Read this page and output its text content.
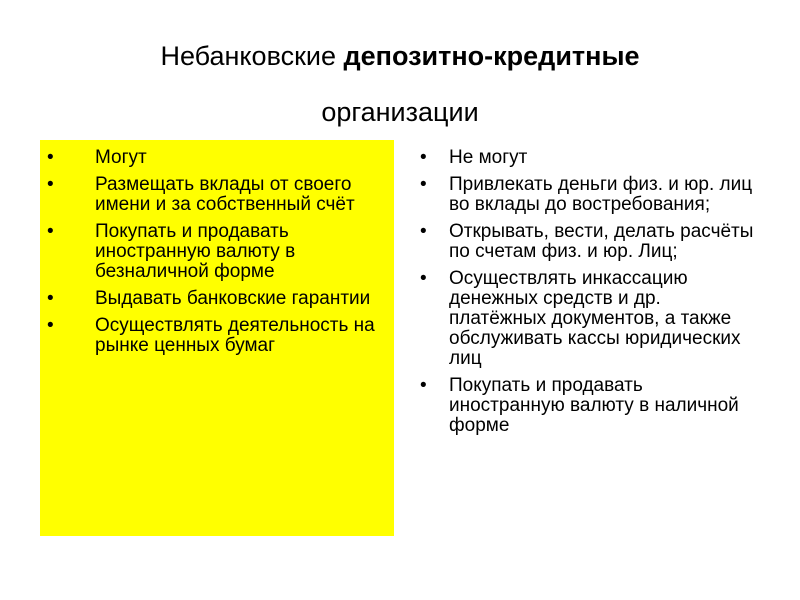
Небанковские депозитно-кредитные
организации
• Могут
• Размещать вклады от своего имени и за собственный счёт
• Покупать и продавать иностранную валюту в безналичной форме
• Выдавать банковские гарантии
• Осуществлять деятельность на рынке ценных бумаг
• Не могут
• Привлекать деньги физ. и юр. лиц во вклады до востребования;
• Открывать, вести, делать расчёты по счетам физ. и юр. Лиц;
• Осуществлять инкассацию денежных средств и др. платёжных документов, а также обслуживать кассы юридических лиц
• Покупать и продавать иностранную валюту в наличной форме
